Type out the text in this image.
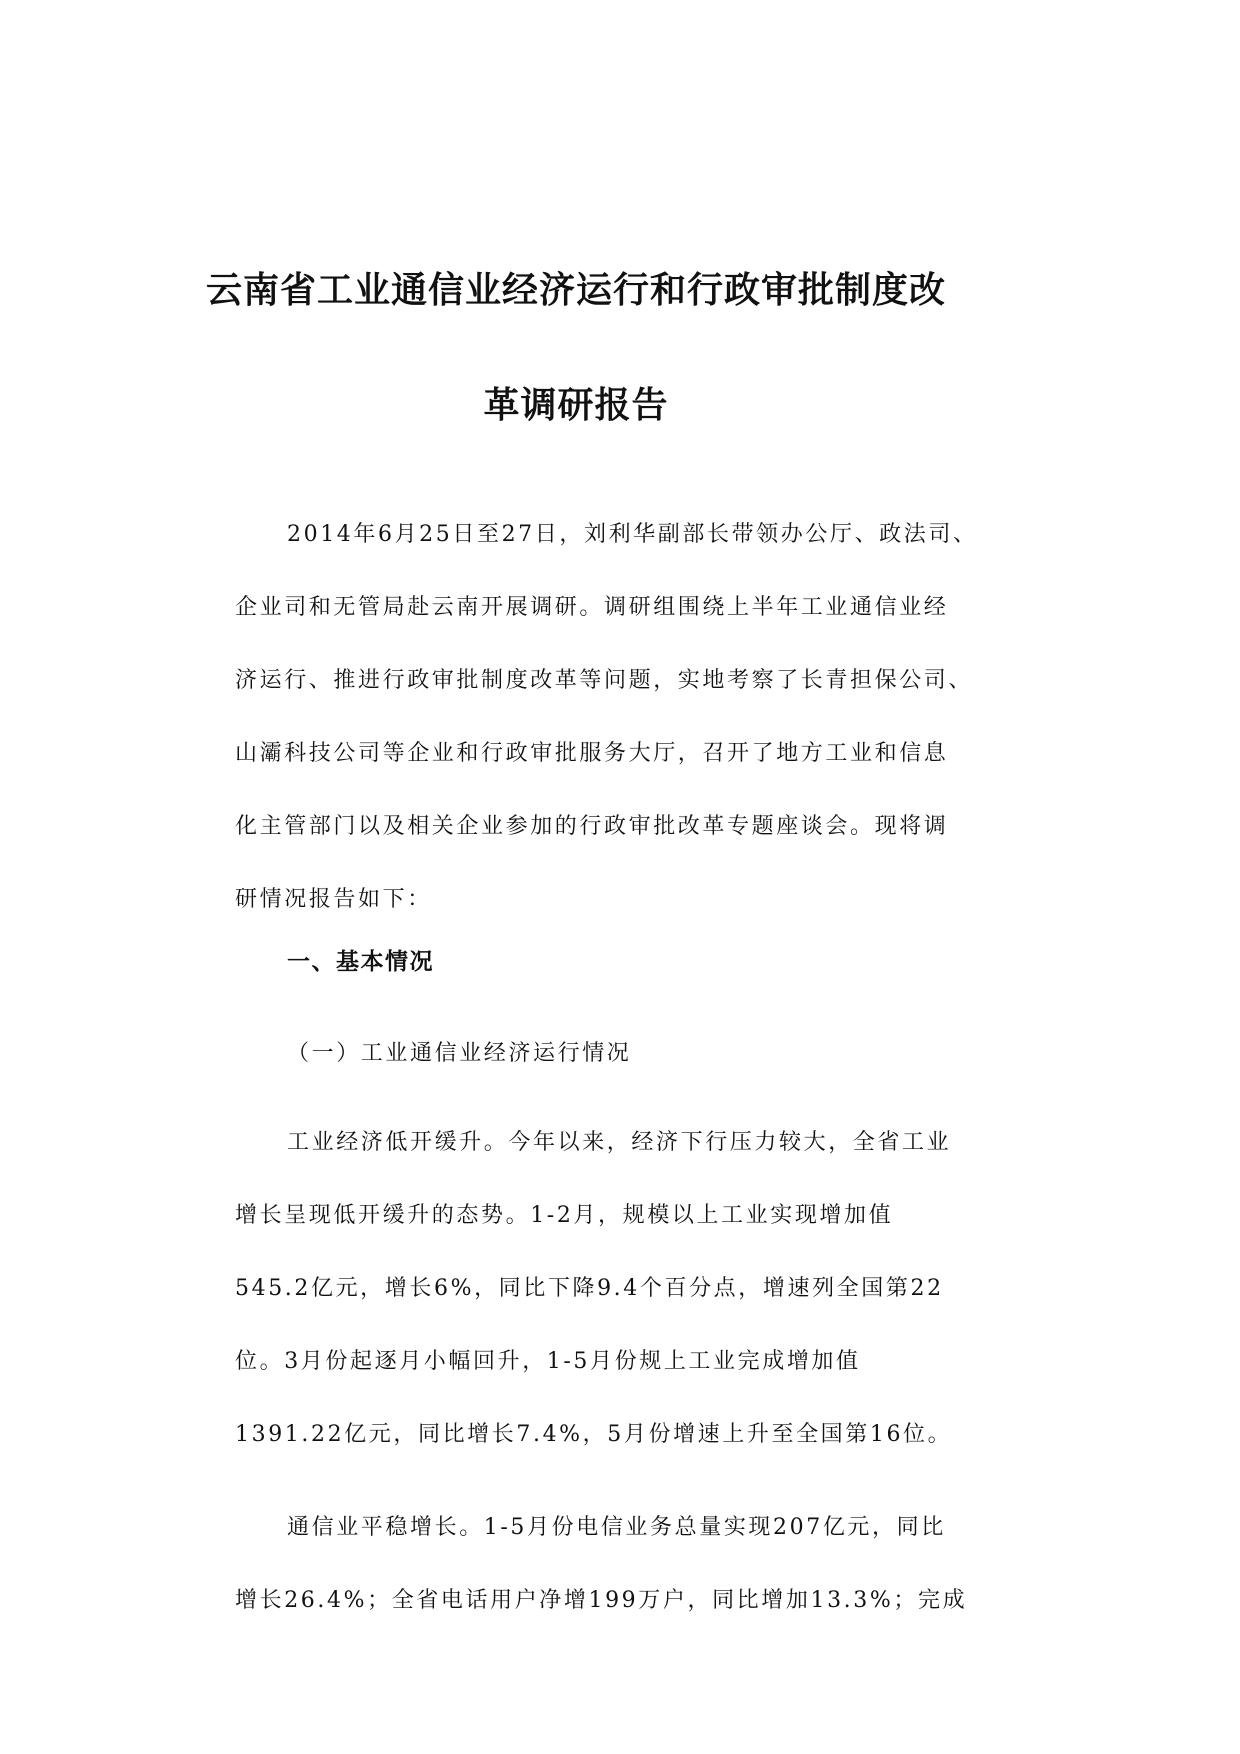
云南省工业通信业经济运行和行政审批制度改
革调研报告
2014年6月25日至27日，刘利华副部长带领办公厅、政法司、
企业司和无管局赴云南开展调研。调研组围绕上半年工业通信业经
济运行、推进行政审批制度改革等问题，实地考察了长青担保公司、
山灞科技公司等企业和行政审批服务大厅，召开了地方工业和信息
化主管部门以及相关企业参加的行政审批改革专题座谈会。现将调
研情况报告如下：
一、基本情况
（一）工业通信业经济运行情况
工业经济低开缓升。今年以来，经济下行压力较大，全省工业
增长呈现低开缓升的态势。1-2月，规模以上工业实现增加值
545.2亿元，增长6%，同比下降9.4个百分点，增速列全国第22
位。3月份起逐月小幅回升，1-5月份规上工业完成增加值
1391.22亿元，同比增长7.4%，5月份增速上升至全国第16位。
通信业平稳增长。1-5月份电信业务总量实现207亿元，同比
增长26.4%；全省电话用户净增199万户，同比增加13.3%；完成
